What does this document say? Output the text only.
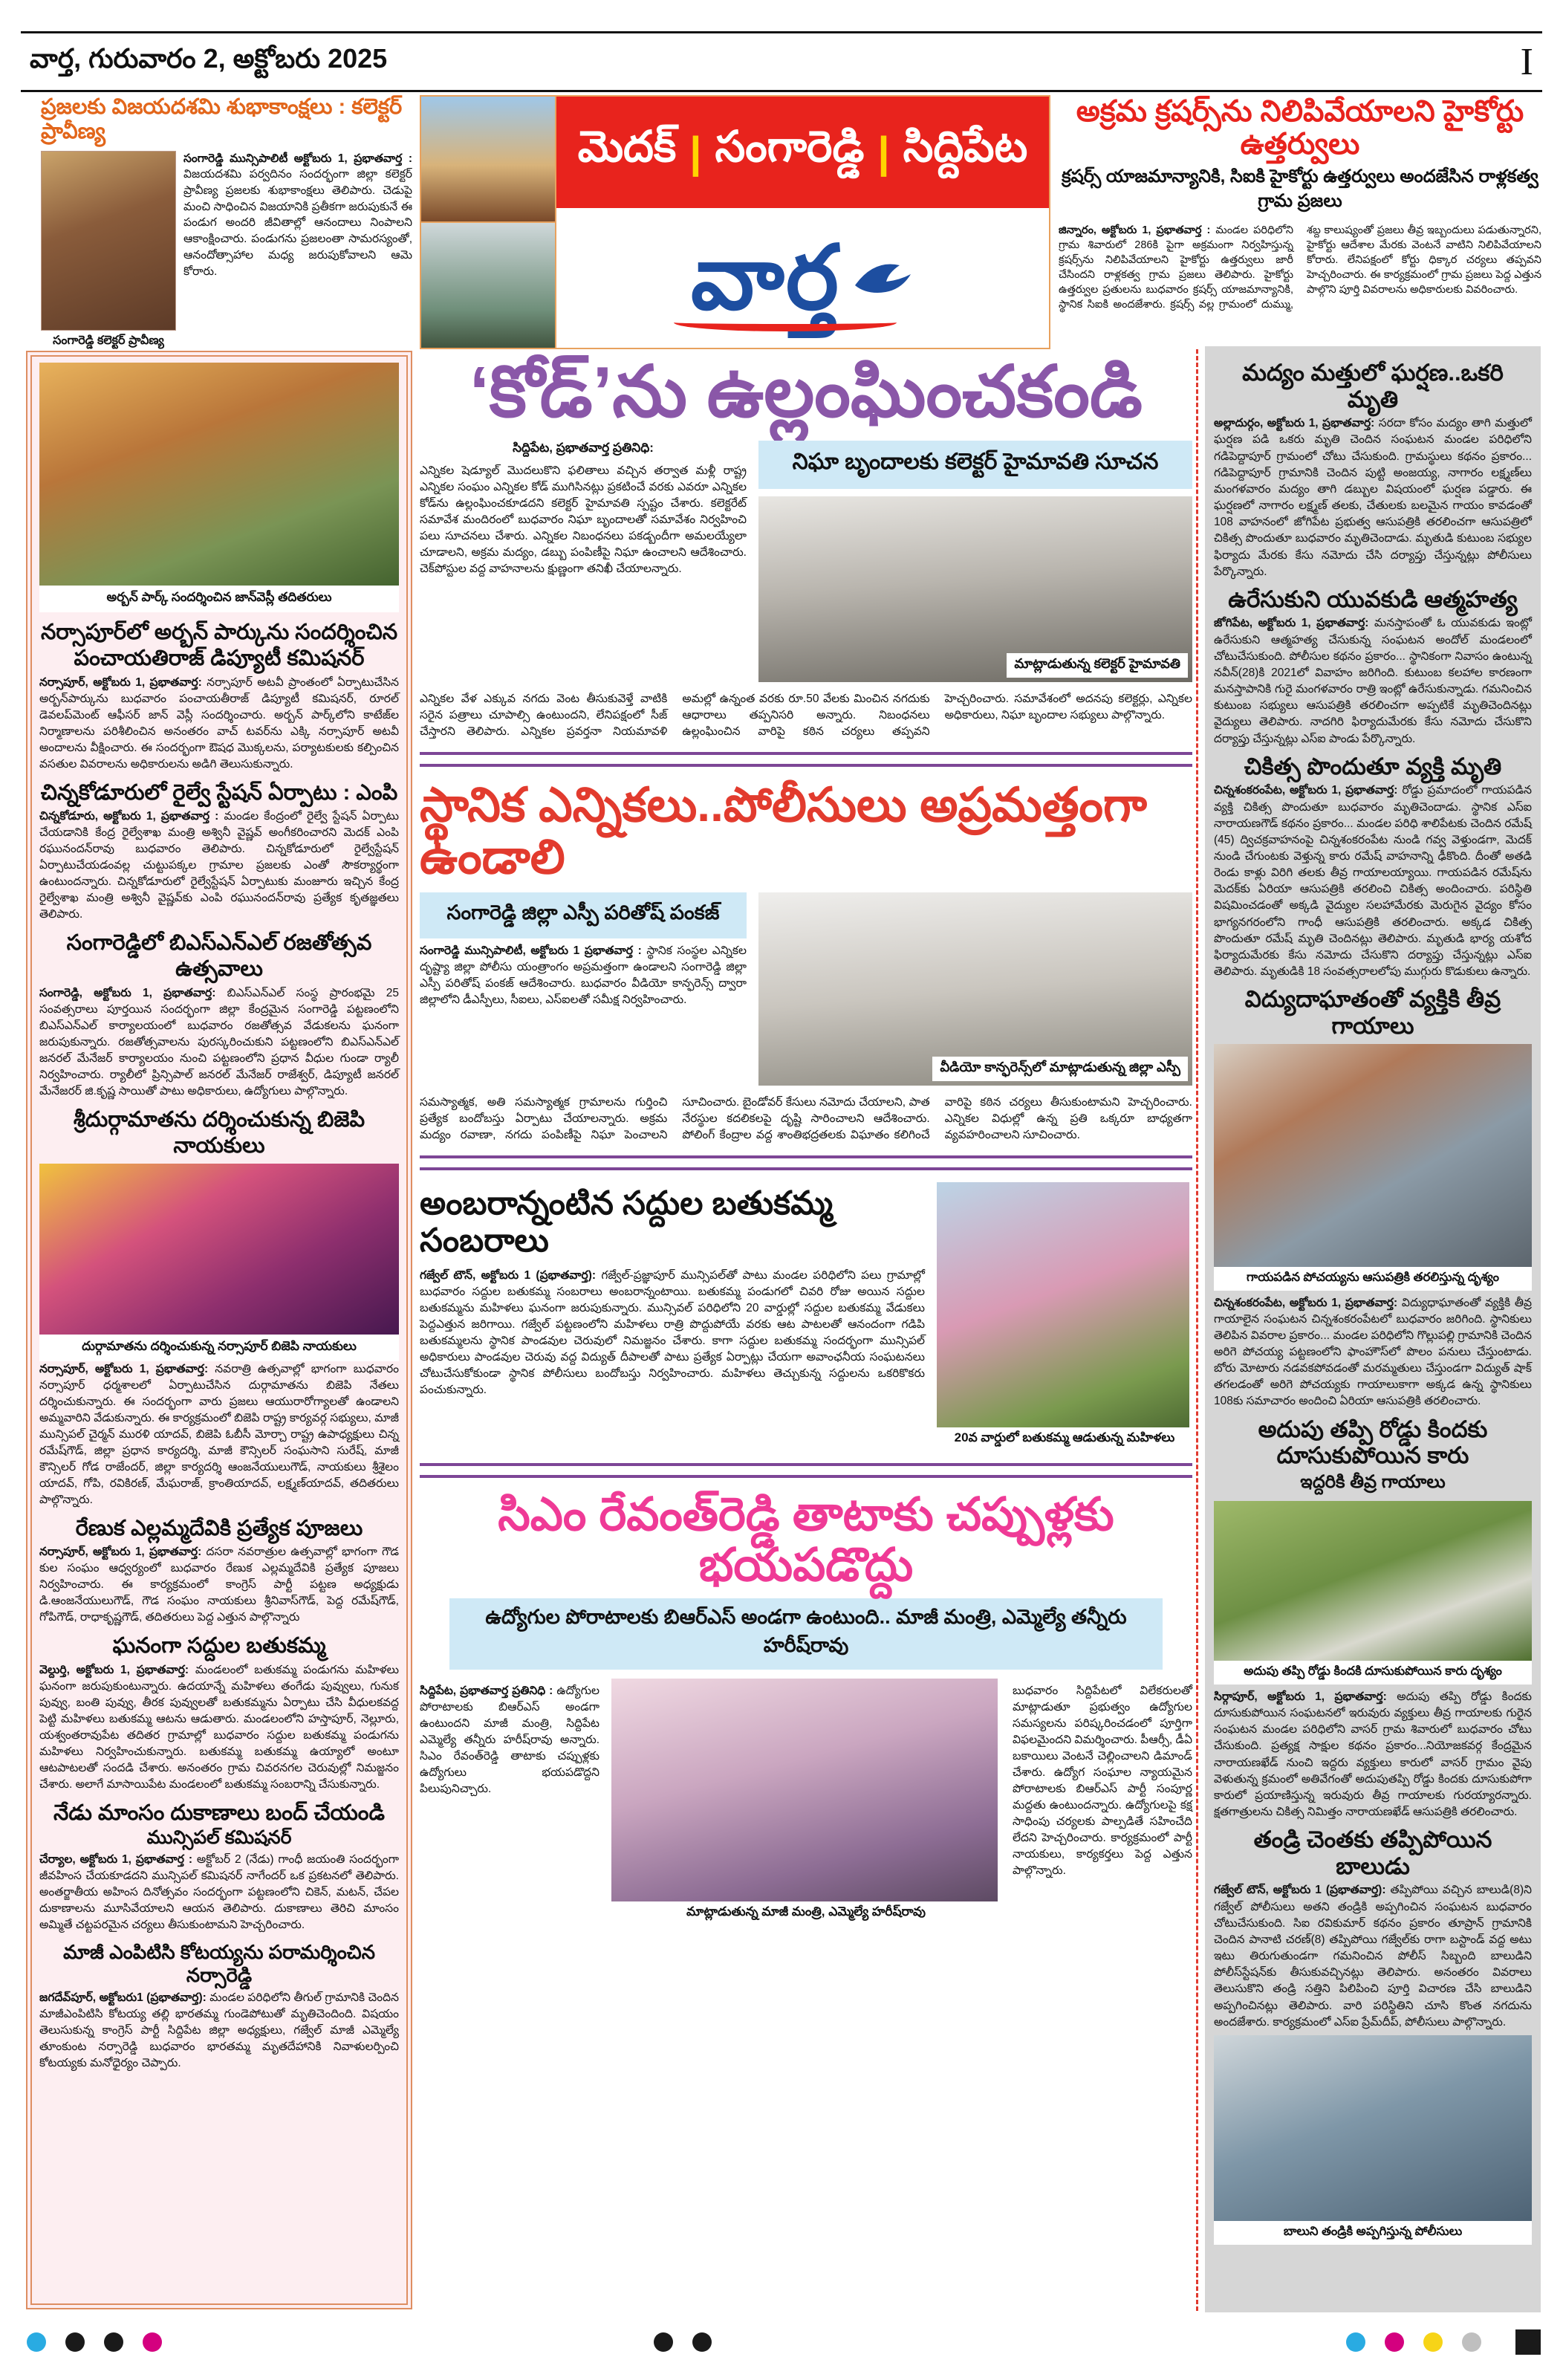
వార్త, గురువారం 2, అక్టోబరు 2025	I
ప్రజలకు విజయదశమి శుభాకాంక్షలు : కలెక్టర్ ప్రావీణ్య
సంగారెడ్డి కలెక్టర్ ప్రావీణ్య
సంగారెడ్డి మున్సిపాలిటీ అక్టోబరు 1, ప్రభాతవార్త : విజయదశమి పర్వదినం సందర్భంగా జిల్లా కలెక్టర్ ప్రావీణ్య ప్రజలకు శుభాకాంక్షలు తెలిపారు. చెడుపై మంచి సాధించిన విజయానికి ప్రతీకగా జరుపుకునే ఈ పండుగ అందరి జీవితాల్లో ఆనందాలు నింపాలని ఆకాంక్షించారు. పండుగను ప్రజలంతా సామరస్యంతో, ఆనందోత్సాహాల మధ్య జరుపుకోవాలని ఆమె కోరారు.
మెదక్ | సంగారెడ్డి | సిద్దిపేట
వార్త
అక్రమ క్రషర్స్‌ను నిలిపివేయాలని హైకోర్టు ఉత్తర్వులు
క్రషర్స్ యాజమాన్యానికి, సిఐకి హైకోర్టు ఉత్తర్వులు అందజేసిన రాళ్లకత్వ గ్రామ ప్రజలు
జిన్నారం, అక్టోబరు 1, ప్రభాతవార్త : మండల పరిధిలోని గ్రామ శివారులో 286కి పైగా అక్రమంగా నిర్వహిస్తున్న క్రషర్స్‌ను నిలిపివేయాలని హైకోర్టు ఉత్తర్వులు జారీ చేసిందని రాళ్లకత్వ గ్రామ ప్రజలు తెలిపారు. హైకోర్టు ఉత్తర్వుల ప్రతులను బుధవారం క్రషర్స్ యాజమాన్యానికి, స్థానిక సిఐకి అందజేశారు. క్రషర్స్ వల్ల గ్రామంలో దుమ్ము, శబ్ద కాలుష్యంతో ప్రజలు తీవ్ర ఇబ్బందులు పడుతున్నారని, హైకోర్టు ఆదేశాల మేరకు వెంటనే వాటిని నిలిపివేయాలని కోరారు. లేనిపక్షంలో కోర్టు ధిక్కార చర్యలు తప్పవని హెచ్చరించారు. ఈ కార్యక్రమంలో గ్రామ ప్రజలు పెద్ద ఎత్తున పాల్గొని పూర్తి వివరాలను అధికారులకు వివరించారు.
అర్బన్ పార్క్ సందర్శించిన జాన్‌వెస్లీ తదితరులు
నర్సాపూర్‌లో అర్బన్ పార్కును సందర్శించిన పంచాయతిరాజ్ డిప్యూటీ కమిషనర్
నర్సాపూర్, అక్టోబరు 1, ప్రభాతవార్త: నర్సాపూర్ అటవీ ప్రాంతంలో ఏర్పాటుచేసిన అర్బన్‌పార్కును బుధవారం పంచాయతీరాజ్ డిప్యూటీ కమిషనర్, రూరల్ డెవలప్‌మెంట్ ఆఫీసర్ జాన్ వెస్లీ సందర్శించారు. అర్బన్ పార్క్‌లోని కాటేజ్‌ల నిర్మాణాలను పరిశీలించిన అనంతరం వాచ్ టవర్‌ను ఎక్కి నర్సాపూర్ అటవీ అందాలను వీక్షించారు. ఈ సందర్భంగా ఔషధ మొక్కలను, పర్యాటకులకు కల్పించిన వసతుల వివరాలను అధికారులను అడిగి తెలుసుకున్నారు.
చిన్నకోడూరులో రైల్వే స్టేషన్ ఏర్పాటు : ఎంపి
చిన్నకోడూరు, అక్టోబరు 1, ప్రభాతవార్త : మండల కేంద్రంలో రైల్వే స్టేషన్ ఏర్పాటు చేయడానికి కేంద్ర రైల్వేశాఖ మంత్రి అశ్వినీ వైష్ణవ్ అంగీకరించారని మెదక్ ఎంపి రఘునందన్‌రావు బుధవారం తెలిపారు. చిన్నకోడూరులో రైల్వేస్టేషన్ ఏర్పాటుచేయడంవల్ల చుట్టుపక్కల గ్రామాల ప్రజలకు ఎంతో సౌకర్యార్థంగా ఉంటుందన్నారు. చిన్నకోడూరులో రైల్వేస్టేషన్ ఏర్పాటుకు మంజూరు ఇచ్చిన కేంద్ర రైల్వేశాఖ మంత్రి అశ్వినీ వైష్ణవ్‌కు ఎంపి రఘునందన్‌రావు ప్రత్యేక కృతజ్ఞతలు తెలిపారు.
సంగారెడ్డిలో బిఎస్ఎన్ఎల్ రజతోత్సవ ఉత్సవాలు
సంగారెడ్డి, అక్టోబరు 1, ప్రభాతవార్త: బిఎస్ఎన్ఎల్ సంస్థ ప్రారంభమై 25 సంవత్సరాలు పూర్తయిన సందర్భంగా జిల్లా కేంద్రమైన సంగారెడ్డి పట్టణంలోని బిఎస్ఎన్ఎల్ కార్యాలయంలో బుధవారం రజతోత్సవ వేడుకలను ఘనంగా జరుపుకున్నారు. రజతోత్సవాలను పురస్కరించుకుని పట్టణంలోని బిఎస్ఎన్ఎల్ జనరల్ మేనేజర్ కార్యాలయం నుంచి పట్టణంలోని ప్రధాన వీధుల గుండా ర్యాలీ నిర్వహించారు. ర్యాలీలో ప్రిన్సిపాల్ జనరల్ మేనేజర్ రాజేశ్వర్, డిప్యూటీ జనరల్ మేనేజరర్ జి.కృష్ణ సాయితో పాటు అధికారులు, ఉద్యోగులు పాల్గొన్నారు.
శ్రీదుర్గామాతను దర్శించుకున్న బిజెపి నాయకులు
దుర్గామాతను దర్శించుకున్న నర్సాపూర్ బిజెపి నాయకులు
నర్సాపూర్, అక్టోబరు 1, ప్రభాతవార్త: నవరాత్రి ఉత్సవాల్లో భాగంగా బుధవారం నర్సాపూర్ ధర్మశాలలో ఏర్పాటుచేసిన దుర్గామాతను బిజెపి నేతలు దర్శించుకున్నారు. ఈ సందర్భంగా వారు ప్రజలు ఆయురారోగ్యాలతో ఉండాలని అమ్మవారిని వేడుకున్నారు. ఈ కార్యక్రమంలో బిజెపి రాష్ట్ర కార్యవర్గ సభ్యులు, మాజీ మున్సిపల్ చైర్మన్ మురళి యాదవ్, బిజెపి ఓబీసీ మోర్చా రాష్ట్ర ఉపాధ్యక్షులు చిన్న రమేష్‌గౌడ్, జిల్లా ప్రధాన కార్యదర్శి, మాజీ కౌన్సిలర్ సంఘసాని సురేష్, మాజీ కౌన్సిలర్ గోడ రాజేందర్, జిల్లా కార్యదర్శి ఆంజనేయులుగౌడ్, నాయకులు శ్రీశైలం యాదవ్, గోపి, రవికిరణ్, మేఘరాజ్, క్రాంతియాదవ్, లక్ష్మణ్‌యాదవ్, తదితరులు పాల్గొన్నారు.
రేణుక ఎల్లమ్మదేవికి ప్రత్యేక పూజలు
నర్సాపూర్, అక్టోబరు 1, ప్రభాతవార్త: దసరా నవరాత్రుల ఉత్సవాల్లో భాగంగా గౌడ కుల సంఘం ఆధ్వర్యంలో బుధవారం రేణుక ఎల్లమ్మదేవికి ప్రత్యేక పూజలు నిర్వహించారు. ఈ కార్యక్రమంలో కాంగ్రెస్ పార్టీ పట్టణ అధ్యక్షుడు డి.ఆంజనేయులుగౌడ్, గౌడ సంఘం నాయకులు శ్రీనివాస్‌గౌడ్, పెద్ద రమేష్‌గౌడ్, గోపిగౌడ్, రాధాకృష్ణగౌడ్, తదితరులు పెద్ద ఎత్తున పాల్గొన్నారు
ఘనంగా సద్దుల బతుకమ్మ
వెల్దుర్తి, అక్టోబరు 1, ప్రభాతవార్త: మండలంలో బతుకమ్మ పండుగను మహిళలు ఘనంగా జరుపుకుంటున్నారు. ఉదయాన్నే మహిళలు తంగేడు పువ్వులు, గునుక పువ్వు, బంతి పువ్వు, తీరక పువ్వులతో బతుకమ్మను ఏర్పాటు చేసి వీధులకవద్ద పెట్టి మహిళలు బతుకమ్మ ఆటను ఆడుతారు. మండలంలోని హస్తాపూర్, నెల్లూరు, యశ్వంతరావుపేట తదితర గ్రామాల్లో బుధవారం సద్దుల బతుకమ్మ పండుగను మహిళలు నిర్వహించుకున్నారు. బతుకమ్మ బతుకమ్మ ఉయ్యాలో అంటూ ఆటపాటలతో సందడి చేశారు. అనంతరం గ్రామ చివరనగల చెరువుల్లో నిమజ్జనం చేశారు. అలాగే మాసాయిపేట మండలంలో బతుకమ్మ సంబరాన్ని చేసుకున్నారు.
నేడు మాంసం దుకాణాలు బంద్ చేయండి
మున్సిపల్ కమిషనర్
చేర్యాల, అక్టోబరు 1, ప్రభాతవార్త : అక్టోబర్ 2 (నేడు) గాంధీ జయంతి సందర్భంగా జీవహింస చేయకూడదని మున్సిపల్ కమిషనర్ నాగేందర్ ఒక ప్రకటనలో తెలిపారు. అంతర్జాతీయ అహింస దినోత్సవం సందర్భంగా పట్టణంలోని చికెన్, మటన్, చేపల దుకాణాలను మూసివేయాలని ఆయన తెలిపారు. దుకాణాలు తెరిచి మాంసం అమ్మితే చట్టపరమైన చర్యలు తీసుకుంటామని హెచ్చరించారు.
మాజీ ఎంపిటిసి కోటయ్యను పరామర్శించిన నర్సారెడ్డి
జగదేవ్‌పూర్, అక్టోబరు1 (ప్రభాతవార్త): మండల పరిధిలోని తీగుల్ గ్రామానికి చెందిన మాజీఎంపిటిసి కోటయ్య తల్లి భారతమ్మ గుండెపోటుతో మృతిచెందింది. విషయం తెలుసుకున్న కాంగ్రెస్ పార్టీ సిద్దిపేట జిల్లా అధ్యక్షులు, గజ్వేల్ మాజీ ఎమ్మెల్యే తూంకుంట నర్సారెడ్డి బుధవారం భారతమ్మ మృతదేహానికి నివాళులర్పించి కోటయ్యకు మనోధైర్యం చెప్పారు.
‘కోడ్’ను ఉల్లంఘించకండి
సిద్దిపేట, ప్రభాతవార్త ప్రతినిధి:
ఎన్నికల షెడ్యూల్ మొదలుకొని ఫలితాలు వచ్చిన తర్వాత మళ్లీ రాష్ట్ర ఎన్నికల సంఘం ఎన్నికల కోడ్ ముగిసినట్లు ప్రకటించే వరకు ఎవరూ ఎన్నికల కోడ్‌ను ఉల్లంఘించకూడదని కలెక్టర్ హైమావతి స్పష్టం చేశారు. కలెక్టరేట్ సమావేశ మందిరంలో బుధవారం నిఘా బృందాలతో సమావేశం నిర్వహించి పలు సూచనలు చేశారు. ఎన్నికల నిబంధనలు పకడ్బందీగా అమలయ్యేలా చూడాలని, అక్రమ మద్యం, డబ్బు పంపిణీపై నిఘా ఉంచాలని ఆదేశించారు. చెక్‌పోస్టుల వద్ద వాహనాలను క్షుణ్ణంగా తనిఖీ చేయాలన్నారు.
నిఘా బృందాలకు కలెక్టర్ హైమావతి సూచన
మాట్లాడుతున్న కలెక్టర్ హైమావతి
ఎన్నికల వేళ ఎక్కువ నగదు వెంట తీసుకువెళ్తే వాటికి సరైన పత్రాలు చూపాల్సి ఉంటుందని, లేనిపక్షంలో సీజ్ చేస్తారని తెలిపారు. ఎన్నికల ప్రవర్తనా నియమావళి అమల్లో ఉన్నంత వరకు రూ.50 వేలకు మించిన నగదుకు ఆధారాలు తప్పనిసరి అన్నారు. నిబంధనలు ఉల్లంఘించిన వారిపై కఠిన చర్యలు తప్పవని హెచ్చరించారు. సమావేశంలో అదనపు కలెక్టర్లు, ఎన్నికల అధికారులు, నిఘా బృందాల సభ్యులు పాల్గొన్నారు.
స్థానిక ఎన్నికలు..పోలీసులు అప్రమత్తంగా ఉండాలి
సంగారెడ్డి జిల్లా ఎస్పీ పరితోష్ పంకజ్
సంగారెడ్డి మున్సిపాలిటీ, అక్టోబరు 1 ప్రభాతవార్త : స్థానిక సంస్థల ఎన్నికల దృష్ట్యా జిల్లా పోలీసు యంత్రాంగం అప్రమత్తంగా ఉండాలని సంగారెడ్డి జిల్లా ఎస్పీ పరితోష్ పంకజ్ ఆదేశించారు. బుధవారం వీడియో కాన్ఫరెన్స్ ద్వారా జిల్లాలోని డీఎస్పీలు, సీఐలు, ఎస్ఐలతో సమీక్ష నిర్వహించారు.
వీడియో కాన్ఫరెన్స్‌లో మాట్లాడుతున్న జిల్లా ఎస్పీ
సమస్యాత్మక, అతి సమస్యాత్మక గ్రామాలను గుర్తించి ప్రత్యేక బందోబస్తు ఏర్పాటు చేయాలన్నారు. అక్రమ మద్యం రవాణా, నగదు పంపిణీపై నిఘా పెంచాలని సూచించారు. బైండోవర్ కేసులు నమోదు చేయాలని, పాత నేరస్థుల కదలికలపై దృష్టి సారించాలని ఆదేశించారు. పోలింగ్ కేంద్రాల వద్ద శాంతిభద్రతలకు విఘాతం కలిగించే వారిపై కఠిన చర్యలు తీసుకుంటామని హెచ్చరించారు. ఎన్నికల విధుల్లో ఉన్న ప్రతి ఒక్కరూ బాధ్యతగా వ్యవహరించాలని సూచించారు.
అంబరాన్నంటిన సద్దుల బతుకమ్మ సంబరాలు
గజ్వేల్ టౌన్, అక్టోబరు 1 (ప్రభాతవార్త): గజ్వేల్-ప్రజ్ఞాపూర్ మున్సిపల్‌తో పాటు మండల పరిధిలోని పలు గ్రామాల్లో బుధవారం సద్దుల బతుకమ్మ సంబరాలు అంబరాన్నంటాయి. బతుకమ్మ పండుగలో చివరి రోజు అయిన సద్దుల బతుకమ్మను మహిళలు ఘనంగా జరుపుకున్నారు. మున్సివల్ పరిధిలోని 20 వార్డుల్లో సద్దుల బతుకమ్మ వేడుకలు పెద్దఎత్తున జరిగాయి. గజ్వేల్ పట్టణంలోని మహిళలు రాత్రి పొద్దుపోయే వరకు ఆట పాటలతో ఆనందంగా గడిపి బతుకమ్మలను స్థానిక పాండవుల చెరువులో నిమజ్జనం చేశారు. కాగా సద్దుల బతుకమ్మ సందర్భంగా మున్సిపల్ అధికారులు పాండవుల చెరువు వద్ద విద్యుత్ దీపాలతో పాటు ప్రత్యేక ఏర్పాట్లు చేయగా అవాంఛనీయ సంఘటనలు చోటుచేసుకోకుండా స్థానిక పోలీసులు బందోబస్తు నిర్వహించారు. మహిళలు తెచ్చుకున్న సద్దులను ఒకరికొకరు పంచుకున్నారు.
20వ వార్డులో బతుకమ్మ ఆడుతున్న మహిళలు
సిఎం రేవంత్‌రెడ్డి తాటాకు చప్పుళ్లకు భయపడొద్దు
ఉద్యోగుల పోరాటాలకు బిఆర్‌ఎస్ అండగా ఉంటుంది.. మాజీ మంత్రి, ఎమ్మెల్యే తన్నీరు హరీష్‌రావు
సిద్దిపేట, ప్రభాతవార్త ప్రతినిధి : ఉద్యోగుల పోరాటాలకు బిఆర్‌ఎస్ అండగా ఉంటుందని మాజీ మంత్రి, సిద్దిపేట ఎమ్మెల్యే తన్నీరు హరీష్‌రావు అన్నారు. సిఎం రేవంత్‌రెడ్డి తాటాకు చప్పుళ్లకు ఉద్యోగులు భయపడొద్దని పిలుపునిచ్చారు.
మాట్లాడుతున్న మాజీ మంత్రి, ఎమ్మెల్యే హరీష్‌రావు
బుధవారం సిద్దిపేటలో విలేకరులతో మాట్లాడుతూ ప్రభుత్వం ఉద్యోగుల సమస్యలను పరిష్కరించడంలో పూర్తిగా విఫలమైందని విమర్శించారు. పీఆర్సీ, డీఏ బకాయిలు వెంటనే చెల్లించాలని డిమాండ్ చేశారు. ఉద్యోగ సంఘాల న్యాయమైన పోరాటాలకు బిఆర్‌ఎస్ పార్టీ సంపూర్ణ మద్దతు ఉంటుందన్నారు. ఉద్యోగులపై కక్ష సాధింపు చర్యలకు పాల్పడితే సహించేది లేదని హెచ్చరించారు. కార్యక్రమంలో పార్టీ నాయకులు, కార్యకర్తలు పెద్ద ఎత్తున పాల్గొన్నారు.
మద్యం మత్తులో ఘర్షణ..ఒకరి మృతి
అల్లాదుర్గం, అక్టోబరు 1, ప్రభాతవార్త: సరదా కోసం మద్యం తాగి మత్తులో ఘర్షణ పడి ఒకరు మృతి చెందిన సంఘటన మండల పరిధిలోని గడిపెద్దాపూర్ గ్రామంలో చోటు చేసుకుంది. గ్రామస్థులు కథనం ప్రకారం... గడిపెద్దాపూర్ గ్రామానికి చెందిన పుట్టి అంజయ్య, నాగారం లక్ష్మణ్‌లు మంగళవారం మద్యం తాగి డబ్బుల విషయంలో ఘర్షణ పడ్డారు. ఈ ఘర్షణలో నాగారం లక్ష్మణ్ తలకు, చేతులకు బలమైన గాయం కావడంతో 108 వాహనంలో జోగిపేట ప్రభుత్వ ఆసుపత్రికి తరలించగా ఆసుపత్రిలో చికిత్స పొందుతూ బుధవారం మృతిచెందాడు. మృతుడి కుటుంబ సభ్యుల ఫిర్యాదు మేరకు కేసు నమోదు చేసి దర్యాప్తు చేస్తున్నట్లు పోలీసులు పేర్కొన్నారు.
ఉరేసుకుని యువకుడి ఆత్మహత్య
జోగిపేట, అక్టోబరు 1, ప్రభాతవార్త: మనస్తాపంతో ఓ యువకుడు ఇంట్లో ఉరేసుకుని ఆత్మహత్య చేసుకున్న సంఘటన అందోల్ మండలంలో చోటుచేసుకుంది. పోలీసుల కథనం ప్రకారం... స్థానికంగా నివాసం ఉంటున్న నవీన్(28)కి 2021లో వివాహం జరిగింది. కుటుంబ కలహాల కారణంగా మనస్తాపానికి గురై మంగళవారం రాత్రి ఇంట్లో ఉరేసుకున్నాడు. గమనించిన కుటుంబ సభ్యులు ఆసుపత్రికి తరలించగా అప్పటికే మృతిచెందినట్లు వైద్యులు తెలిపారు. నాదగిరి ఫిర్యాదుమేరకు కేసు నమోదు చేసుకొని దర్యాప్తు చేస్తున్నట్లు ఎస్ఐ పాండు పేర్కొన్నారు.
చికిత్స పొందుతూ వ్యక్తి మృతి
చిన్నశంకరంపేట, అక్టోబరు 1, ప్రభాతవార్త: రోడ్డు ప్రమాదంలో గాయపడిన వ్యక్తి చికిత్స పొందుతూ బుధవారం మృతిచెందాడు. స్థానిక ఎస్ఐ నారాయణగౌడ్ కథనం ప్రకారం... మండల పరిధి శాలిపేటకు చెందిన రమేష్ (45) ద్విచక్రవాహనంపై చిన్నశంకరంపేట నుండి గవ్వ వెళ్తుండగా, మెదక్ నుండి చేగుంటకు వెళ్తున్న కారు రమేష్ వాహనాన్ని ఢీకొంది. దీంతో అతడి రెండు కాళ్లు విరిగి తలకు తీవ్ర గాయాలయ్యాయి. గాయపడిన రమేష్‌ను మెదక్‌కు ఏరియా ఆసుపత్రికి తరలించి చికిత్స అందించారు. పరిస్థితి విషమించడంతో అక్కడి వైద్యుల సలహామేరకు మెరుగైన వైద్యం కోసం భాగ్యనగరంలోని గాంధీ ఆసుపత్రికి తరలించారు. అక్కడ చికిత్స పొందుతూ రమేష్ మృతి చెందినట్లు తెలిపారు. మృతుడి భార్య యశోద ఫిర్యాదుమేరకు కేసు నమోదు చేసుకొని దర్యాప్తు చేస్తున్నట్లు ఎస్ఐ తెలిపారు. మృతుడికి 18 సంవత్సరాలలోపు ముగ్గురు కొడుకులు ఉన్నారు.
విద్యుదాఘాతంతో వ్యక్తికి తీవ్ర గాయాలు
గాయపడిన పోచయ్యను ఆసుపత్రికి తరలిస్తున్న దృశ్యం
చిన్నశంకరంపేట, అక్టోబరు 1, ప్రభాతవార్త: విద్యుధాఘాతంతో వ్యక్తికి తీవ్ర గాయాలైన సంఘటన చిన్నశంకరంపేటలో బుధవారం జరిగింది. స్థానికులు తెలిపిన వివరాల ప్రకారం... మండల పరిధిలోని గొల్లుపల్లి గ్రామానికి చెందిన అరిగె పోచయ్య పట్టణంలోని ఫాంహౌస్‌లో పొలం పనులు చేస్తుంటాడు. బోరు మోటారు నడవకపోవడంతో మరమ్మతులు చేస్తుండగా విద్యుత్ షాక్ తగలడంతో అరిగె పోచయ్యకు గాయాలుకాగా అక్కడ ఉన్న స్థానికులు 108కు సమాచారం అందించి ఏరియా ఆసుపత్రికి తరలించారు.
అదుపు తప్పి రోడ్డు కిందకు దూసుకుపోయిన కారు
ఇద్దరికి తీవ్ర గాయాలు
అదుపు తప్పి రోడ్డు కిందకి దూసుకుపోయిన కారు దృశ్యం
సిర్గాపూర్, అక్టోబరు 1, ప్రభాతవార్త: అదుపు తప్పి రోడ్డు కిందకు దూసుకుపోయిన సంఘటనలో ఇరువురు వ్యక్తులు తీవ్ర గాయాలకు గురైన సంఘటన మండల పరిధిలోని వాసర్ గ్రామ శివారులో బుధవారం చోటు చేసుకుంది. ప్రత్యక్ష సాక్షుల కథనం ప్రకారం...నియోజకవర్గ కేంద్రమైన నారాయణఖేడ్ నుంచి ఇద్దరు వ్యక్తులు కారులో వాసర్ గ్రామం వైపు వెళుతున్న క్రమంలో అతివేగంతో అదుపుతప్పి రోడ్డు కిందకు దూసుకుపోగా కారులో ప్రయాణిస్తున్న ఇరువురు తీవ్ర గాయాలకు గురయ్యారన్నారు. క్షతగాత్రులను చికిత్స నిమిత్తం నారాయణఖేడ్ ఆసుపత్రికి తరలించారు.
తండ్రి చెంతకు తప్పిపోయిన బాలుడు
గజ్వేల్ టౌన్, అక్టోబరు 1 (ప్రభాతవార్త): తప్పిపోయి వచ్చిన బాలుడి(8)ని గజ్వేల్ పోలీసులు అతని తండ్రికి అప్పగించిన సంఘటన బుధవారం చోటుచేసుకుంది. సిఐ రవికుమార్ కథనం ప్రకారం తూప్రాన్ గ్రామానికి చెందిన పానాటి చరణ్(8) తప్పిపోయి గజ్వేల్‌కు రాగా బస్టాండ్ వద్ద అటు ఇటు తిరుగుతుండగా గమనించిన పోలీస్ సిబ్బంది బాలుడిని పోలీస్‌స్టేషన్‌కు తీసుకువచ్చినట్లు తెలిపారు. అనంతరం వివరాలు తెలుసుకొని తండ్రి సత్తిని పిలిపించి పూర్తి విచారణ చేసి బాలుడిని అప్పగించినట్లు తెలిపారు. వారి పరిస్థితిని చూసి కొంత నగదును అందజేశారు. కార్యక్రమంలో ఎస్ఐ ప్రేమ్‌దీప్, పోలీసులు పాల్గొన్నారు.
బాలుని తండ్రికి అప్పగిస్తున్న పోలీసులు
